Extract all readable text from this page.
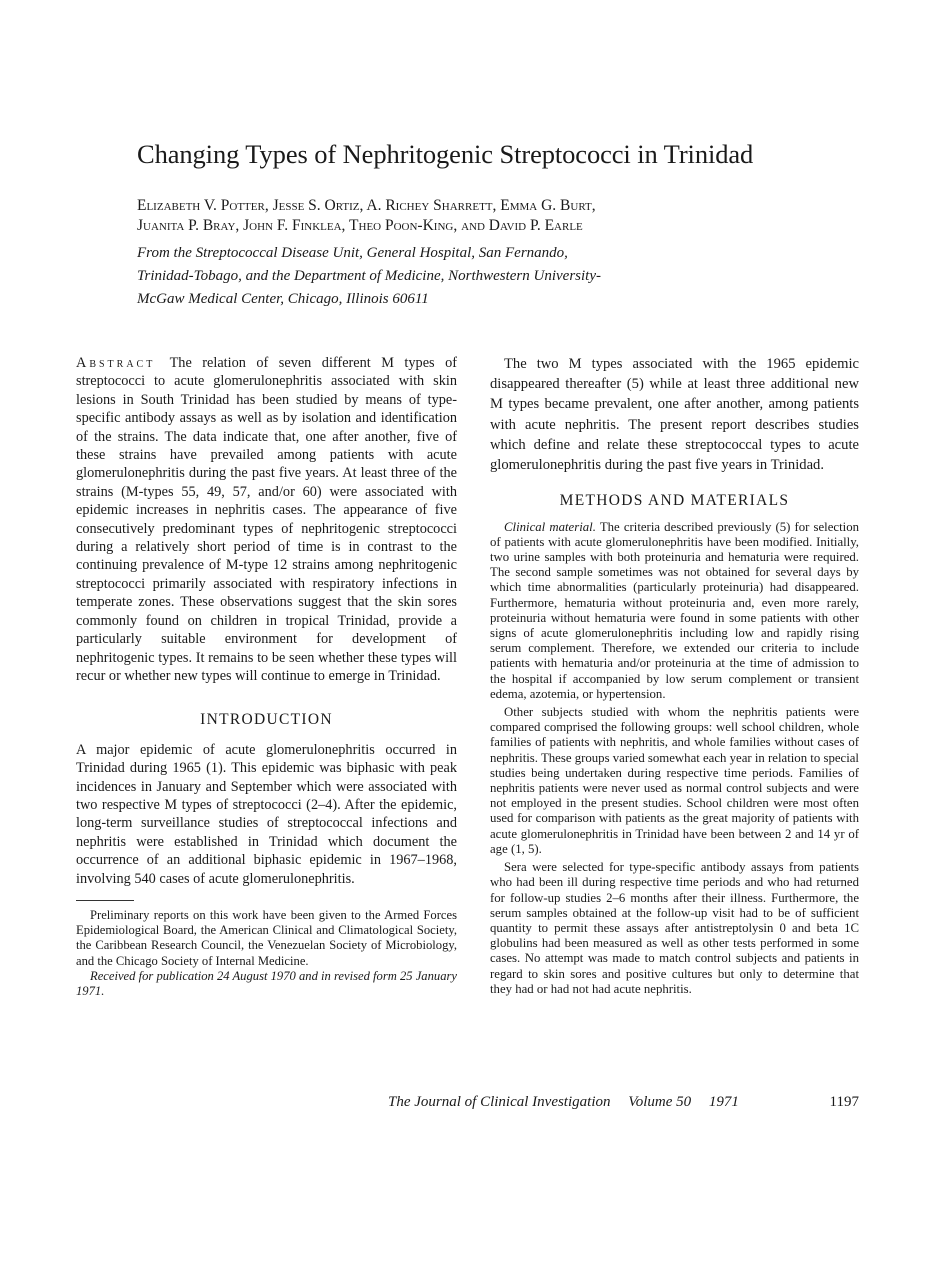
Changing Types of Nephritogenic Streptococci in Trinidad
Elizabeth V. Potter, Jesse S. Ortiz, A. Richey Sharrett, Emma G. Burt,
Juanita P. Bray, John F. Finklea, Theo Poon-King, and David P. Earle
From the Streptococcal Disease Unit, General Hospital, San Fernando,
Trinidad-Tobago, and the Department of Medicine, Northwestern University-
McGaw Medical Center, Chicago, Illinois 60611

Abstract The relation of seven different M types of streptococci to acute glomerulonephritis associated with skin lesions in South Trinidad has been studied by means of type-specific antibody assays as well as by isolation and identification of the strains. The data indicate that, one after another, five of these strains have prevailed among patients with acute glomerulonephritis during the past five years. At least three of the strains (M-types 55, 49, 57, and/or 60) were associated with epidemic increases in nephritis cases. The appearance of five consecutively predominant types of nephritogenic streptococci during a relatively short period of time is in contrast to the continuing prevalence of M-type 12 strains among nephritogenic streptococci primarily associated with respiratory infections in temperate zones. These observations suggest that the skin sores commonly found on children in tropical Trinidad, provide a particularly suitable environment for development of nephritogenic types. It remains to be seen whether these types will recur or whether new types will continue to emerge in Trinidad.

INTRODUCTION

A major epidemic of acute glomerulonephritis occurred in Trinidad during 1965 (1). This epidemic was biphasic with peak incidences in January and September which were associated with two respective M types of streptococci (2–4). After the epidemic, long-term surveillance studies of streptococcal infections and nephritis were established in Trinidad which document the occurrence of an additional biphasic epidemic in 1967–1968, involving 540 cases of acute glomerulonephritis.

Preliminary reports on this work have been given to the Armed Forces Epidemiological Board, the American Clinical and Climatological Society, the Caribbean Research Council, the Venezuelan Society of Microbiology, and the Chicago Society of Internal Medicine.

Received for publication 24 August 1970 and in revised form 25 January 1971.

The two M types associated with the 1965 epidemic disappeared thereafter (5) while at least three additional new M types became prevalent, one after another, among patients with acute nephritis. The present report describes studies which define and relate these streptococcal types to acute glomerulonephritis during the past five years in Trinidad.

METHODS AND MATERIALS

Clinical material. The criteria described previously (5) for selection of patients with acute glomerulonephritis have been modified. Initially, two urine samples with both proteinuria and hematuria were required. The second sample sometimes was not obtained for several days by which time abnormalities (particularly proteinuria) had disappeared. Furthermore, hematuria without proteinuria and, even more rarely, proteinuria without hematuria were found in some patients with other signs of acute glomerulonephritis including low and rapidly rising serum complement. Therefore, we extended our criteria to include patients with hematuria and/or proteinuria at the time of admission to the hospital if accompanied by low serum complement or transient edema, azotemia, or hypertension.

Other subjects studied with whom the nephritis patients were compared comprised the following groups: well school children, whole families of patients with nephritis, and whole families without cases of nephritis. These groups varied somewhat each year in relation to special studies being undertaken during respective time periods. Families of nephritis patients were never used as normal control subjects and were not employed in the present studies. School children were most often used for comparison with patients as the great majority of patients with acute glomerulonephritis in Trinidad have been between 2 and 14 yr of age (1, 5).

Sera were selected for type-specific antibody assays from patients who had been ill during respective time periods and who had returned for follow-up studies 2–6 months after their illness. Furthermore, the serum samples obtained at the follow-up visit had to be of sufficient quantity to permit these assays after antistreptolysin 0 and beta 1C globulins had been measured as well as other tests performed in some cases. No attempt was made to match control subjects and patients in regard to skin sores and positive cultures but only to determine that they had or had not had acute nephritis.

The Journal of Clinical Investigation Volume 50 1971	1197
